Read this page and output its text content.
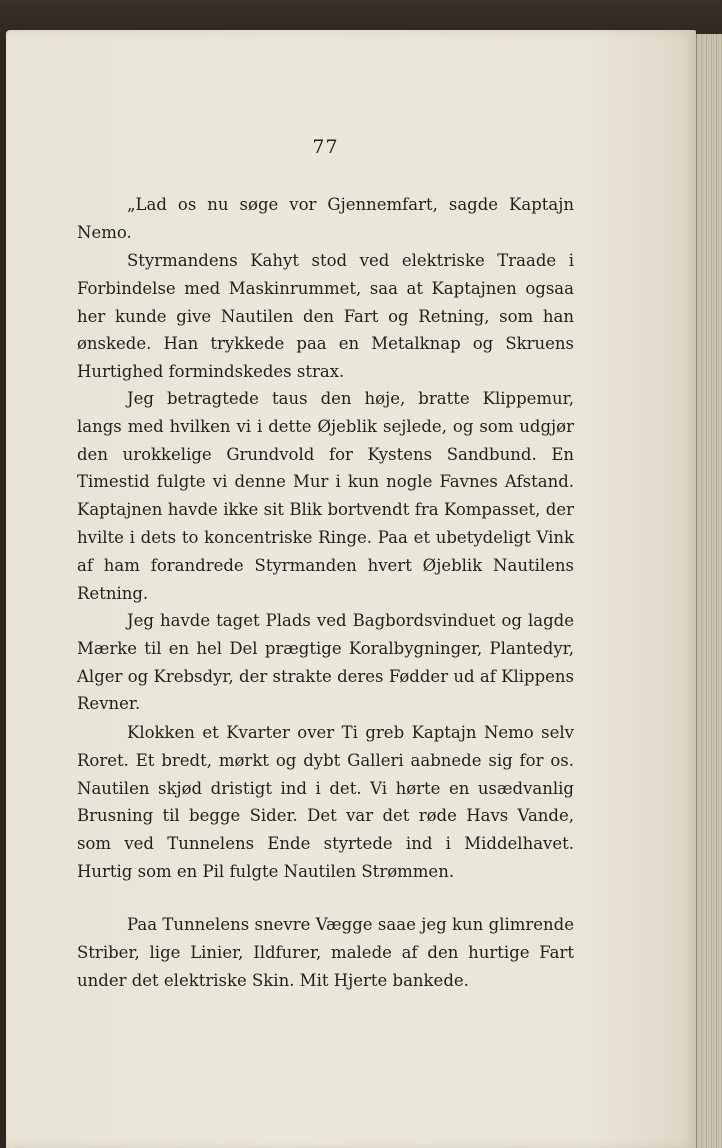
77

„Lad os nu søge vor Gjennemfart, sagde Kaptajn Nemo.

Styrmandens Kahyt stod ved elektriske Traade i Forbindelse med Maskinrummet, saa at Kaptajnen ogsaa her kunde give Nautilen den Fart og Retning, som han ønskede. Han trykkede paa en Metalknap og Skruens Hurtighed formindskedes strax.

Jeg betragtede taus den høje, bratte Klippemur, langs med hvilken vi i dette Øjeblik sejlede, og som udgjør den urokkelige Grundvold for Kystens Sandbund. En Timestid fulgte vi denne Mur i kun nogle Favnes Afstand. Kaptajnen havde ikke sit Blik bortvendt fra Kompasset, der hvilte i dets to koncentriske Ringe. Paa et ubetydeligt Vink af ham forandrede Styrmanden hvert Øjeblik Nautilens Retning.

Jeg havde taget Plads ved Bagbordsvinduet og lagde Mærke til en hel Del prægtige Koralbygninger, Plantedyr, Alger og Krebsdyr, der strakte deres Fødder ud af Klippens Revner.

Klokken et Kvarter over Ti greb Kaptajn Nemo selv Roret. Et bredt, mørkt og dybt Galleri aabnede sig for os. Nautilen skjød dristigt ind i det. Vi hørte en usædvanlig Brusning til begge Sider. Det var det røde Havs Vande, som ved Tunnelens Ende styrtede ind i Middelhavet. Hurtig som en Pil fulgte Nautilen Strømmen.

Paa Tunnelens snevre Vægge saae jeg kun glimrende Striber, lige Linier, Ildfurer, malede af den hurtige Fart under det elektriske Skin. Mit Hjerte bankede.
